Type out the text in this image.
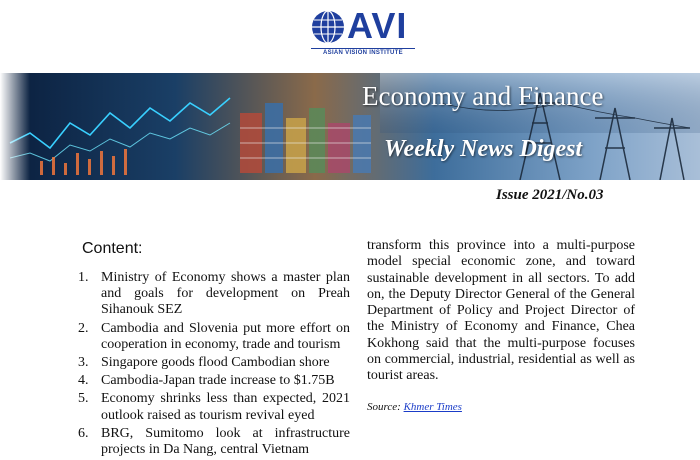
AVI
ASIAN VISION INSTITUTE
Economy and Finance
Weekly News Digest
Issue 2021/No.03
Content:
1. Ministry of Economy shows a master plan and goals for development on Preah Sihanouk SEZ
2. Cambodia and Slovenia put more effort on cooperation in economy, trade and tourism
3. Singapore goods flood Cambodian shore
4. Cambodia-Japan trade increase to $1.75B
5. Economy shrinks less than expected, 2021 outlook raised as tourism revival eyed
6. BRG, Sumitomo look at infrastructure projects in Da Nang, central Vietnam

transform this province into a multi-purpose model special economic zone, and toward sustainable development in all sectors. To add on, the Deputy Director General of the General Department of Policy and Project Director of the Ministry of Economy and Finance, Chea Kokhong said that the multi-purpose focuses on commercial, industrial, residential as well as tourist areas.

Source: Khmer Times
